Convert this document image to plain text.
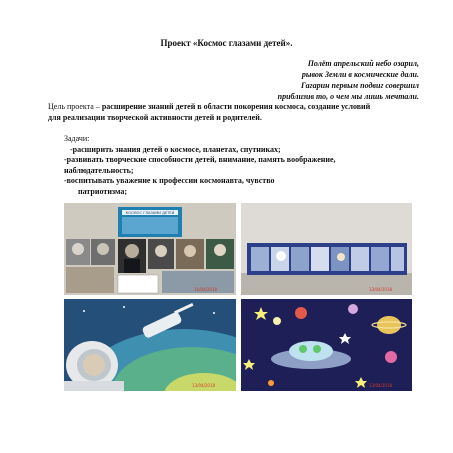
Проект «Космос глазами детей».
Полёт апрельский небо озарил,
рывок Земли в космические дали.
Гагарин первым подвиг совершил
приблизив то, о чем мы лишь мечтали.
Цель проекта – расширение знаний детей в области покорения космоса, создание условий для реализации творческой активности детей и родителей.
Задачи:
-расширить знания детей о космосе, планетах, спутниках;
-развивать творческие способности детей, внимание, память воображение, наблюдательность;
-воспитывать уважение к профессии космонавта, чувство
патриотизма;
КОСМОС ГЛАЗАМИ ДЕТЕЙ
16/04/2018	13/04/2018
13/04/2018	13/04/2018
